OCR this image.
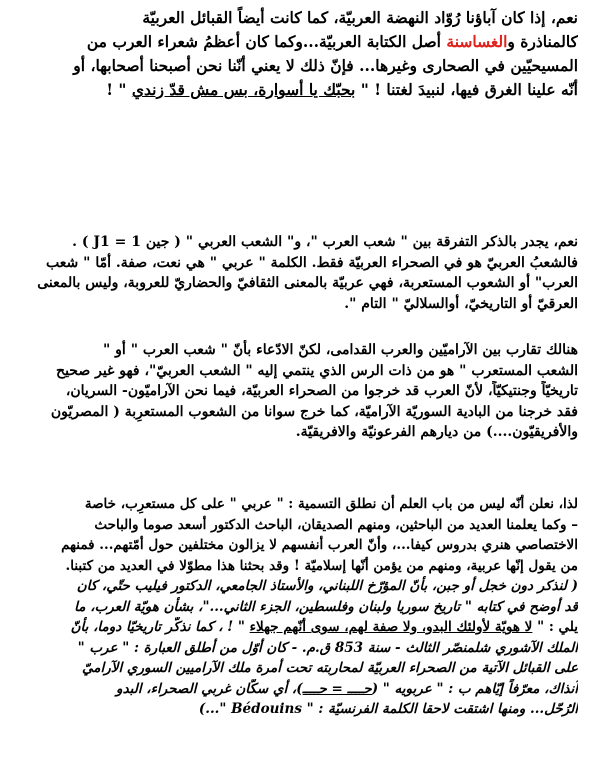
نعم، إذا كان آباؤنا رُوّاد النهضة العربيّة، كما كانت أيضاً القبائل العربيّة
كالمناذرة والغساسنة أصل الكتابة العربيّة...وكما كان أعظمُ شعراء العرب من
المسيحيّين في الصحارى وغيرها... فإنّ ذلك لا يعني أنّنا نحن أصبحنا أصحابها، أو
أنّه علينا الغرق فيها، لنبيدَ لغتنا ! " بحبّك يا أسوارة، بس مش قدّ زندي " !
نعم، يجدر بالذكر التفرقة بين " شعب العرب "، و" الشعب العربي " ( جين 1 = J1 ) .
فالشعبُ العربيّ هو في الصحراء العربيّة فقط. الكلمة " عربي " هي نعت، صفة. أمّا " شعب
العرب" أو الشعوب المستعربة، فهي عربيّة بالمعنى الثقافيّ والحضاريّ للعروبة، وليس بالمعنى
العرقيّ أو التاريخيّ، أوالسلاليّ " التام ".
هنالك تقارب بين الآراميّين والعرب القدامى، لكنّ الادّعاء بأنّ " شعب العرب " أو "
الشعب المستعرب " هو من ذات الرس الذي ينتمي إليه " الشعب العربيّ"، فهو غير صحيح
تاريخيّاً وجنتيكيّاً، لأنّ العرب قد خرجوا من الصحراء العربيّة، فيما نحن الآراميّون- السريان،
فقد خرجنا من البادية السوريّة الآراميّة، كما خرج سوانا من الشعوب المستعرِبة ( المصريّون
والأفريقيّون....) من ديارهم الفرعونيّة والافريقيّة.
لذا، نعلن أنّه ليس من باب العلم أن نطلق التسمية : " عربي " على كل مستعرِب، خاصة
– وكما يعلمنا العديد من الباحثين، ومنهم الصديقان، الباحث الدكتور أسعد صوما والباحث
الاختصاصي هنري بدروس كيفا...، وأنّ العرب أنفسهم لا يزالون مختلفين حول أمّتهم... فمنهم
من يقول إنّها عربية، ومنهم من يؤمن أنّها إسلاميّة ! وقد بحثنا هذا مطوّلا في العديد من كتبنا.
( لنذكر دون خجل أو جبن، بأنّ المؤرّخ اللبناني، والأستاذ الجامعي، الدكتور فيليب حتّي، كان
قد أوضح في كتابه " تاريخ سوريا ولبنان وفلسطين، الجزء الثاني..."، بشأن هويّة العرب، ما
يلي : " لا هويّة لأولئك البدو، ولا صفة لهم، سوى أنّهم جهلاء " ! ، كما نذكّر تاريخيّا دوما، بأنّ
الملك الآشوري شلمنصّر الثالث - سنة 853 ق.م. - كان أوّل من أطلق العبارة : " عرب "
على القبائل الآتية من الصحراء العربيّة لمحاربته تحت أمرة ملك الآراميين السوري الآراميّ
آنذاك، معرّفاً إيّاهم ب : " عربويه " (حـ‌ـ‌ـ‌ـ = حـ‌ـ‌ـ‌ـ)، أي سكّان غربي الصحراء، البدو
الرُحّل... ومنها اشتقت لاحقا الكلمة الفرنسيّة : " Bédouins "...)
